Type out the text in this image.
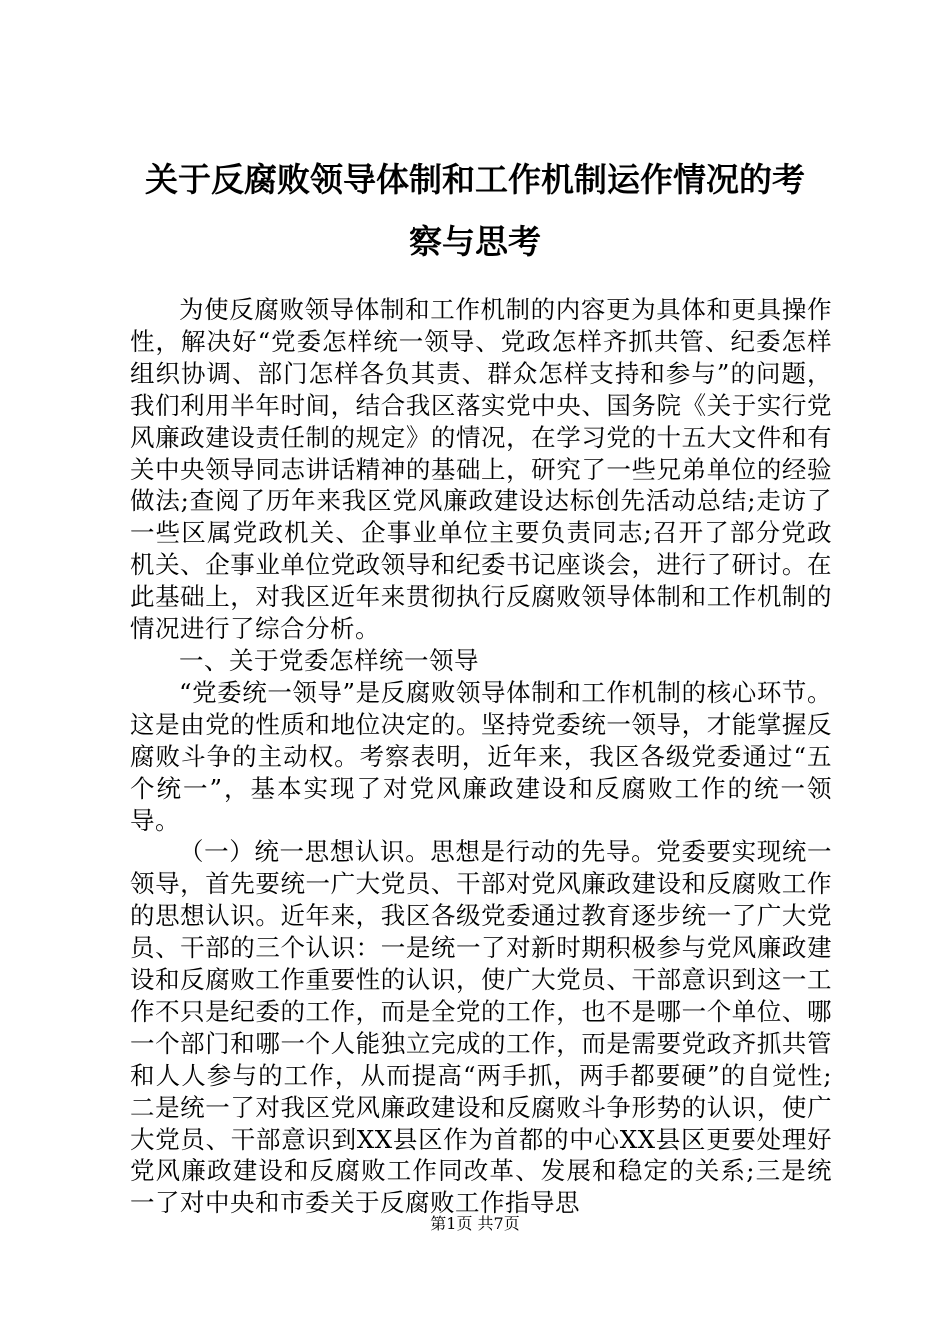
关于反腐败领导体制和工作机制运作情况的考
察与思考

为使反腐败领导体制和工作机制的内容更为具体和更具操作性，解决好“党委怎样统一领导、党政怎样齐抓共管、纪委怎样组织协调、部门怎样各负其责、群众怎样支持和参与”的问题，我们利用半年时间，结合我区落实党中央、国务院《关于实行党风廉政建设责任制的规定》的情况，在学习党的十五大文件和有关中央领导同志讲话精神的基础上，研究了一些兄弟单位的经验做法;查阅了历年来我区党风廉政建设达标创先活动总结;走访了一些区属党政机关、企事业单位主要负责同志;召开了部分党政机关、企事业单位党政领导和纪委书记座谈会，进行了研讨。在此基础上，对我区近年来贯彻执行反腐败领导体制和工作机制的情况进行了综合分析。

一、关于党委怎样统一领导

“党委统一领导”是反腐败领导体制和工作机制的核心环节。这是由党的性质和地位决定的。坚持党委统一领导，才能掌握反腐败斗争的主动权。考察表明，近年来，我区各级党委通过“五个统一”，基本实现了对党风廉政建设和反腐败工作的统一领导。

（一）统一思想认识。思想是行动的先导。党委要实现统一领导，首先要统一广大党员、干部对党风廉政建设和反腐败工作的思想认识。近年来，我区各级党委通过教育逐步统一了广大党员、干部的三个认识：一是统一了对新时期积极参与党风廉政建设和反腐败工作重要性的认识，使广大党员、干部意识到这一工作不只是纪委的工作，而是全党的工作，也不是哪一个单位、哪一个部门和哪一个人能独立完成的工作，而是需要党政齐抓共管和人人参与的工作，从而提高“两手抓，两手都要硬”的自觉性;二是统一了对我区党风廉政建设和反腐败斗争形势的认识，使广大党员、干部意识到XX县区作为首都的中心XX县区更要处理好党风廉政建设和反腐败工作同改革、发展和稳定的关系;三是统一了对中央和市委关于反腐败工作指导思

第1页 共7页
